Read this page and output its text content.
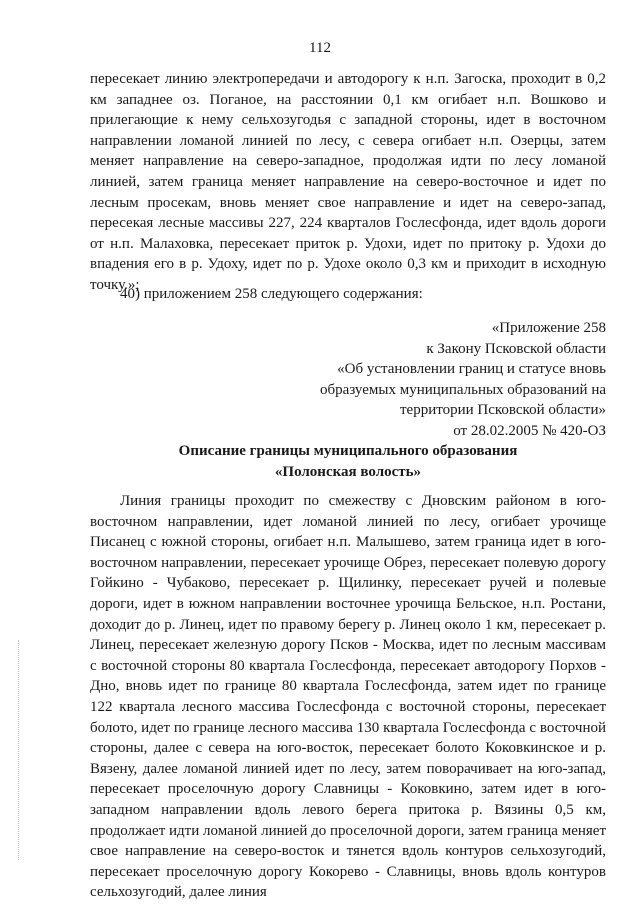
112
пересекает линию электропередачи и автодорогу к н.п. Загоска, проходит в 0,2 км западнее оз. Поганое, на расстоянии 0,1 км огибает н.п. Вошково и прилегающие к нему сельхозугодья с западной стороны, идет в восточном направлении ломаной линией по лесу, с севера огибает н.п. Озерцы, затем меняет направление на северо-западное, продолжая идти по лесу ломаной линией, затем граница меняет направление на северо-восточное и идет по лесным просекам, вновь меняет свое направление и идет на северо-запад, пересекая лесные массивы 227, 224 кварталов Гослесфонда, идет вдоль дороги от н.п. Малаховка, пересекает приток р. Удохи, идет по притоку р. Удохи до впадения его в р. Удоху, идет по р. Удохе около 0,3 км и приходит в исходную точку.»;
40) приложением 258 следующего содержания:
«Приложение 258
к Закону Псковской области
«Об установлении границ и статусе вновь
образуемых муниципальных образований на
территории Псковской области»
от 28.02.2005 № 420-ОЗ
Описание границы муниципального образования
«Полонская волость»
Линия границы проходит по смежеству с Дновским районом в юго-восточном направлении, идет ломаной линией по лесу, огибает урочище Писанец с южной стороны, огибает н.п. Малышево, затем граница идет в юго-восточном направлении, пересекает урочище Обрез, пересекает полевую дорогу Гойкино - Чубаково, пересекает р. Щилинку, пересекает ручей и полевые дороги, идет в южном направлении восточнее урочища Бельское, н.п. Ростани, доходит до р. Линец, идет по правому берегу р. Линец около 1 км, пересекает р. Линец, пересекает железную дорогу Псков - Москва, идет по лесным массивам с восточной стороны 80 квартала Гослесфонда, пересекает автодорогу Порхов - Дно, вновь идет по границе 80 квартала Гослесфонда, затем идет по границе 122 квартала лесного массива Гослесфонда с восточной стороны, пересекает болото, идет по границе лесного массива 130 квартала Гослесфонда с восточной стороны, далее с севера на юго-восток, пересекает болото Коковкинское и р. Вязену, далее ломаной линией идет по лесу, затем поворачивает на юго-запад, пересекает проселочную дорогу Славницы - Коковкино, затем идет в юго-западном направлении вдоль левого берега притока р. Вязины 0,5 км, продолжает идти ломаной линией до проселочной дороги, затем граница меняет свое направление на северо-восток и тянется вдоль контуров сельхозугодий, пересекает проселочную дорогу Кокорево - Славницы, вновь вдоль контуров сельхозугодий, далее линия
